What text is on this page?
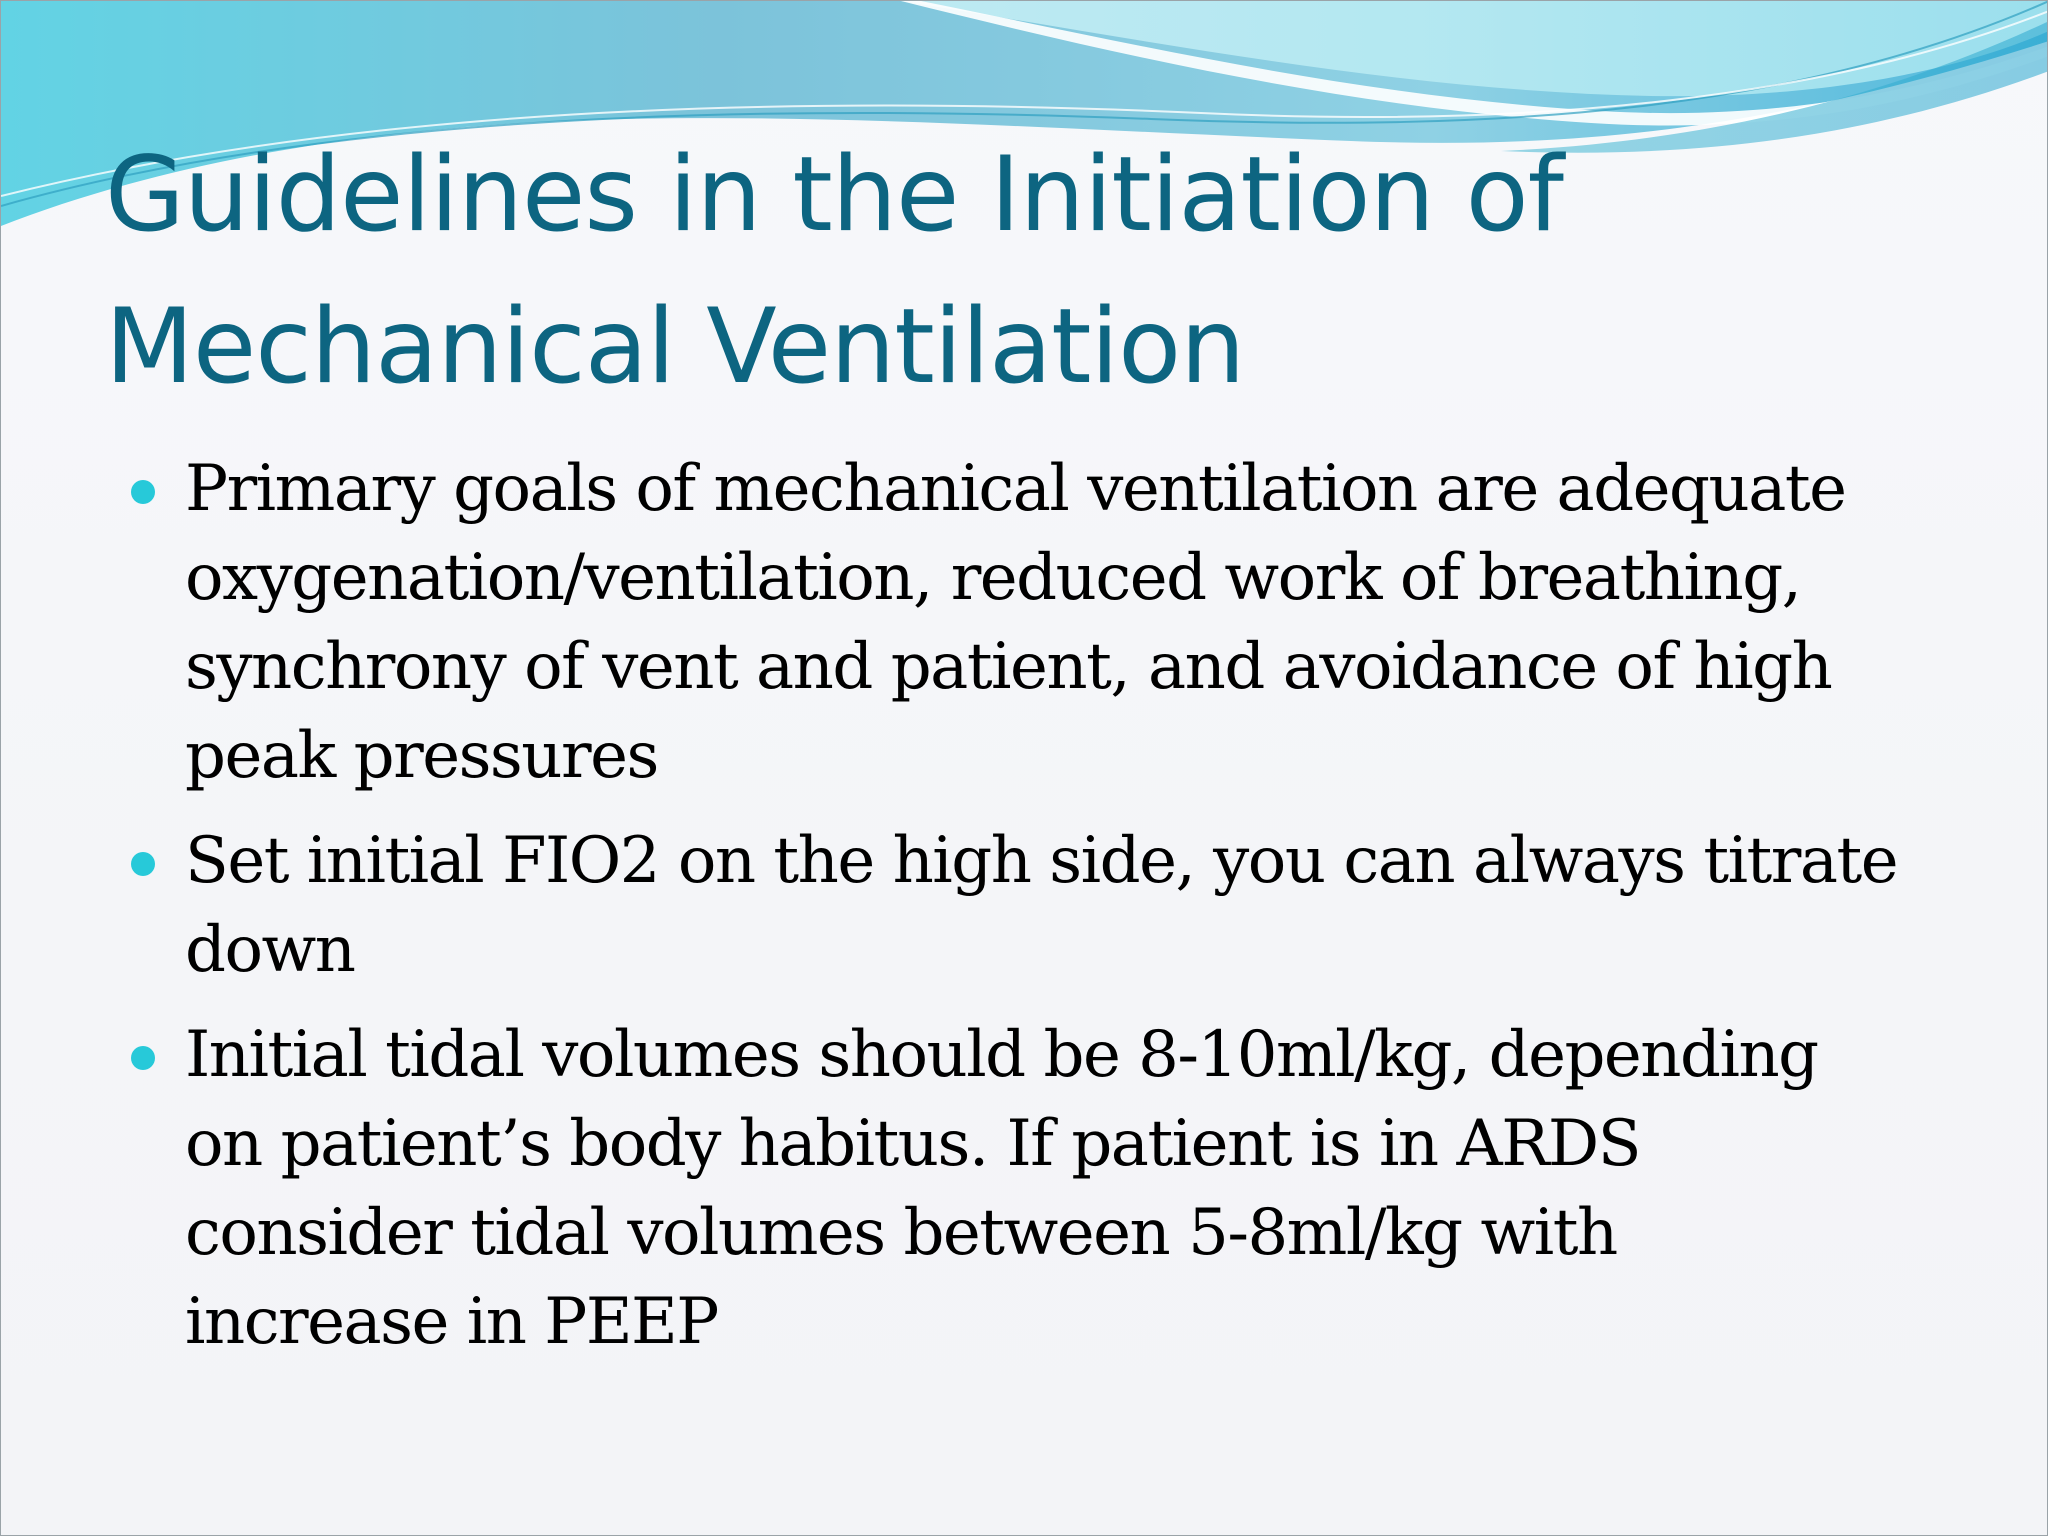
Guidelines in the Initiation of
Mechanical Ventilation
Primary goals of mechanical ventilation are adequate
oxygenation/ventilation, reduced work of breathing,
synchrony of vent and patient, and avoidance of high
peak pressures
Set initial FIO2 on the high side, you can always titrate
down
Initial tidal volumes should be 8-10ml/kg, depending
on patient’s body habitus. If patient is in ARDS
consider tidal volumes between 5-8ml/kg with
increase in PEEP
